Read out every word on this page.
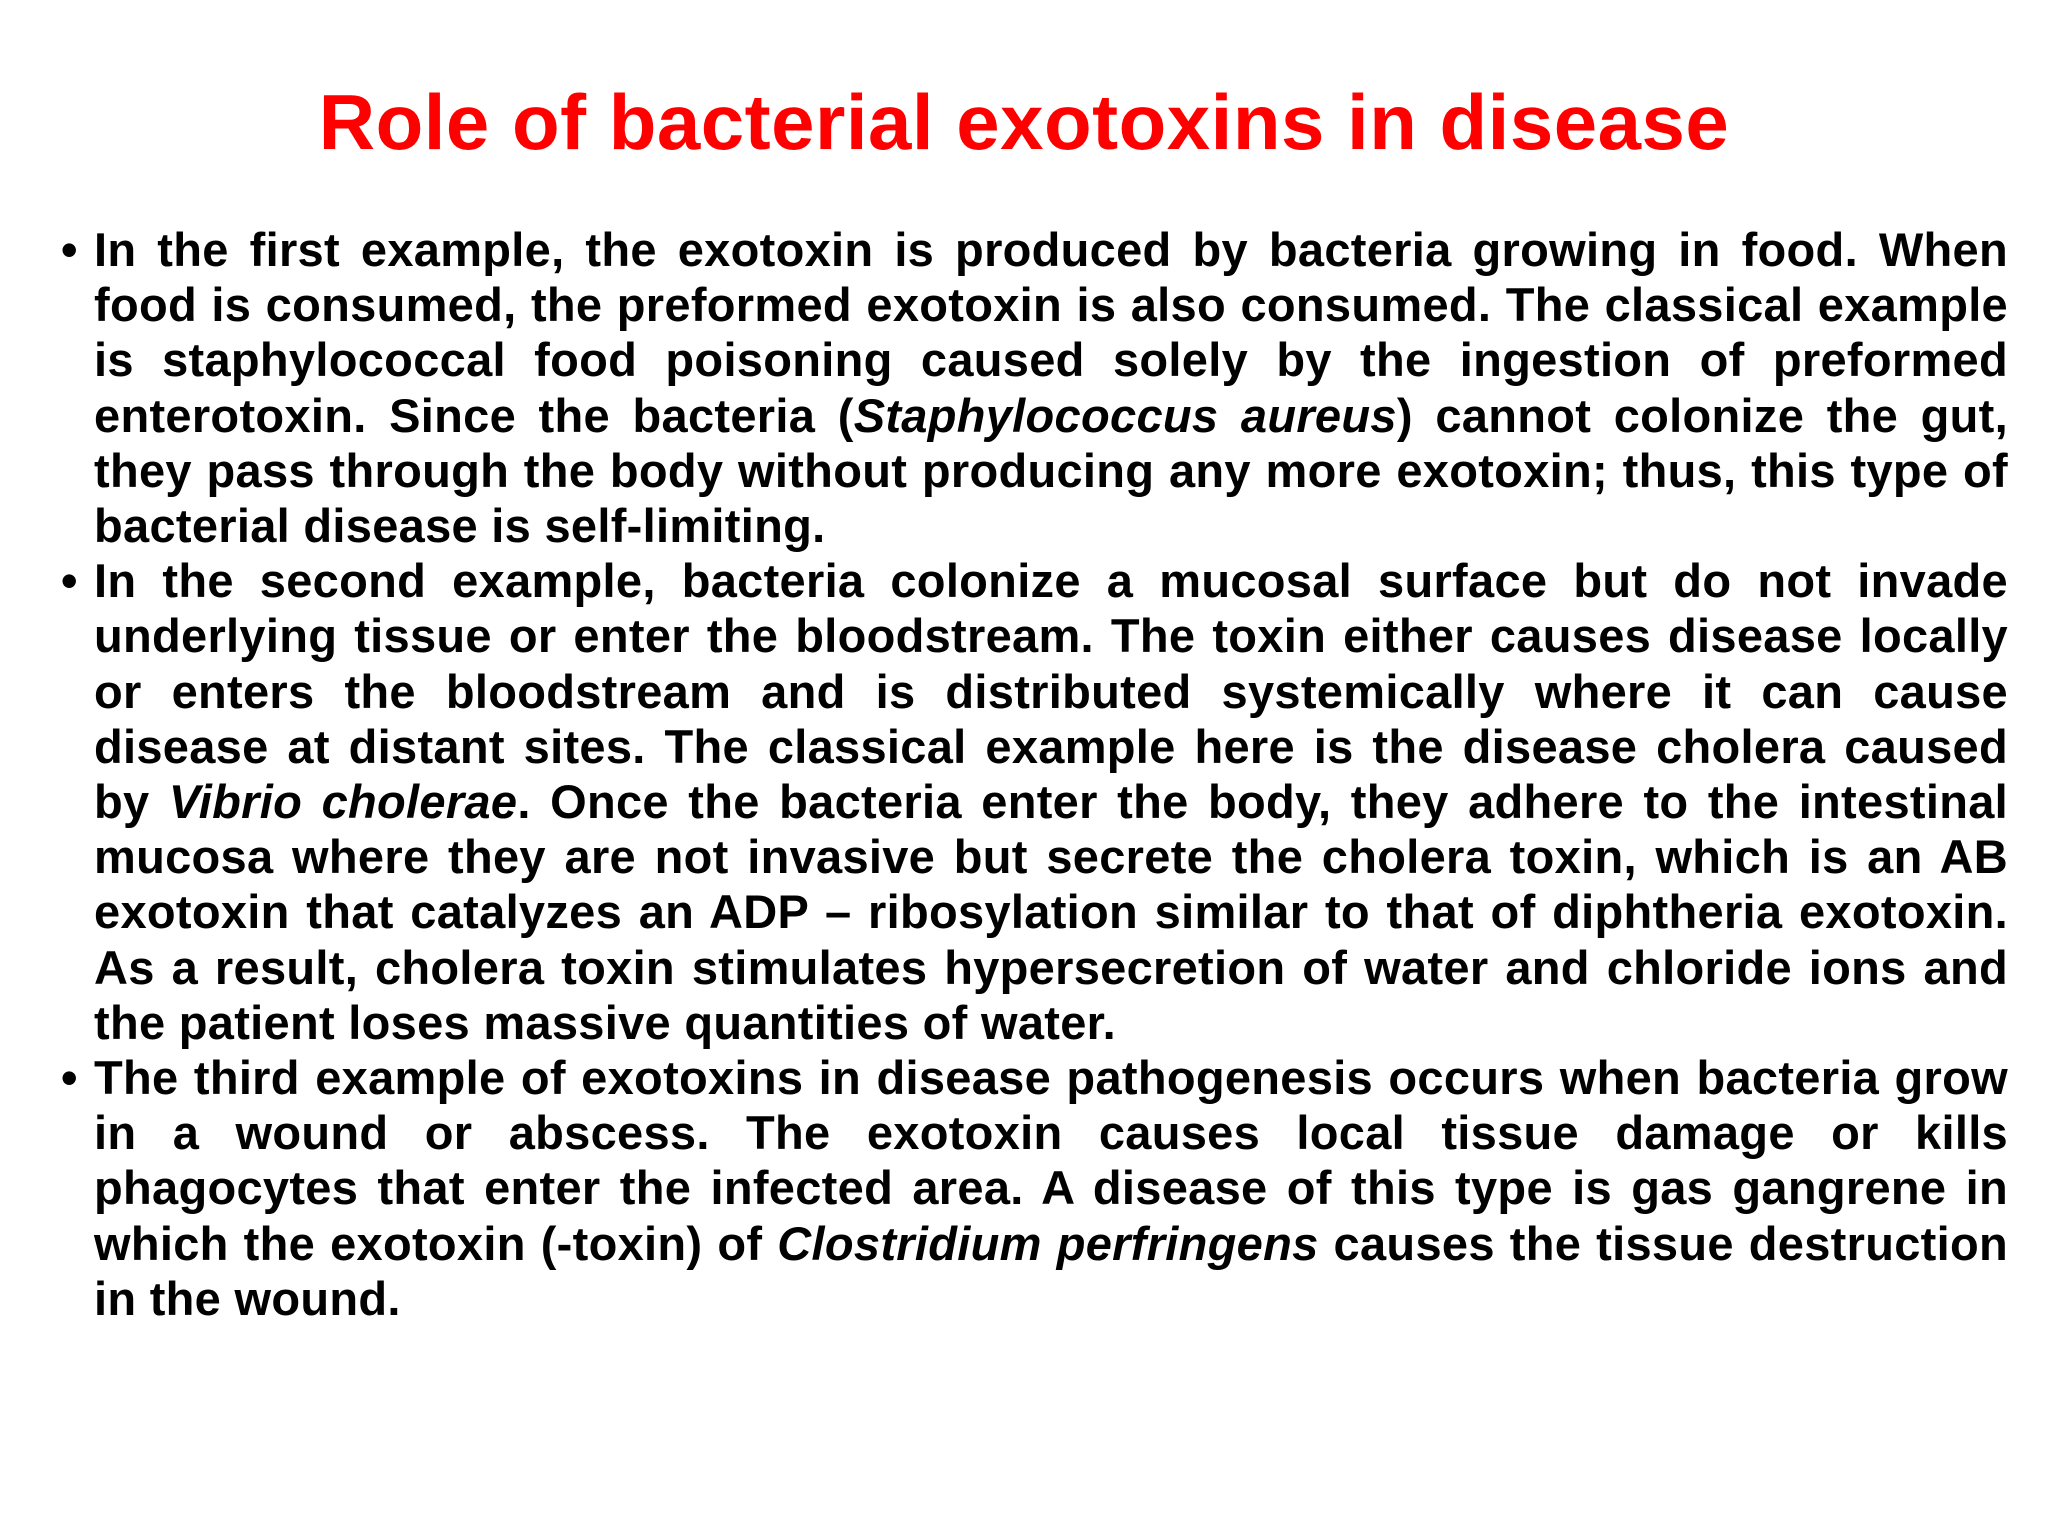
Role of bacterial exotoxins in disease
• In the first example, the exotoxin is produced by bacteria growing in food. When food is consumed, the preformed exotoxin is also consumed. The classical example is staphylococcal food poisoning caused solely by the ingestion of preformed enterotoxin. Since the bacteria (Staphylococcus aureus) cannot colonize the gut, they pass through the body without producing any more exotoxin; thus, this type of bacterial disease is self-limiting.
• In the second example, bacteria colonize a mucosal surface but do not invade underlying tissue or enter the bloodstream. The toxin either causes disease locally or enters the bloodstream and is distributed systemically where it can cause disease at distant sites. The classical example here is the disease cholera caused by Vibrio cholerae. Once the bacteria enter the body, they adhere to the intestinal mucosa where they are not invasive but secrete the cholera toxin, which is an AB exotoxin that catalyzes an ADP – ribosylation similar to that of diphtheria exotoxin. As a result, cholera toxin stimulates hypersecretion of water and chloride ions and the patient loses massive quantities of water.
• The third example of exotoxins in disease pathogenesis occurs when bacteria grow in a wound or abscess. The exotoxin causes local tissue damage or kills phagocytes that enter the infected area. A disease of this type is gas gangrene in which the exotoxin (-toxin) of Clostridium perfringens causes the tissue destruction in the wound.
